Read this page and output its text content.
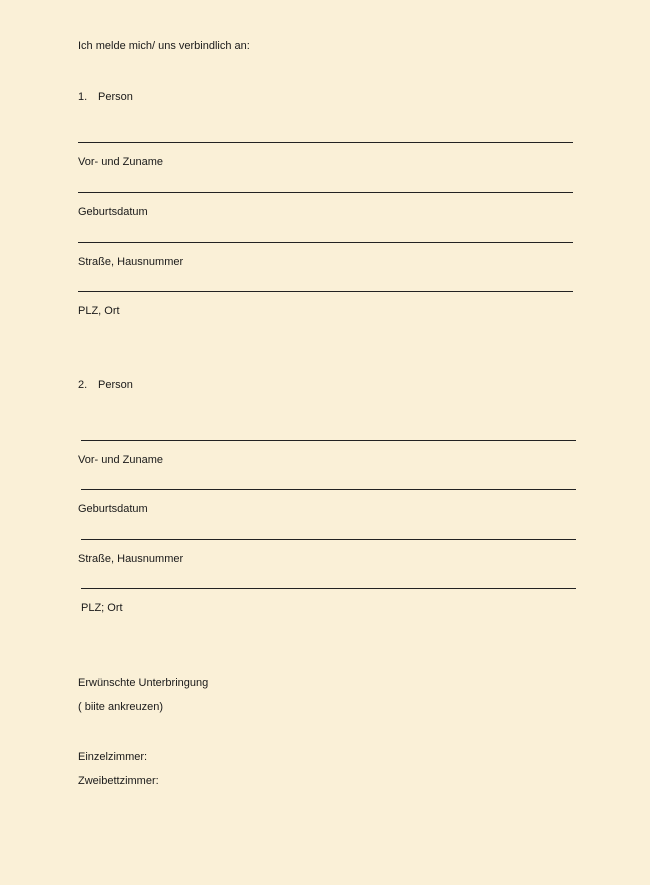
Ich melde mich/ uns verbindlich an:
1. Person
Vor- und Zuname
Geburtsdatum
Straße, Hausnummer
PLZ, Ort
2. Person
Vor- und Zuname
Geburtsdatum
Straße, Hausnummer
PLZ; Ort
Erwünschte Unterbringung
( biite ankreuzen)
Einzelzimmer:
Zweibettzimmer:
